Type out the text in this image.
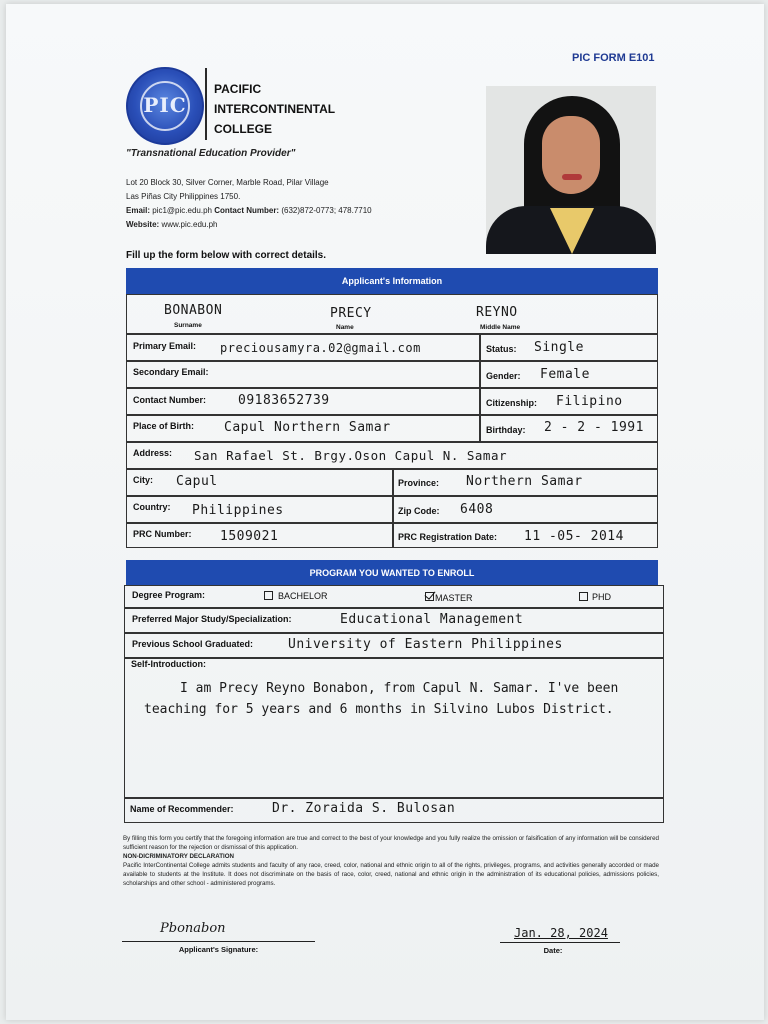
PIC FORM E101
PIC
PACIFIC
INTERCONTINENTAL
COLLEGE
"Transnational Education Provider"
Lot 20 Block 30, Silver Corner, Marble Road, Pilar Village
Las Piñas City Philippines 1750.
Email: pic1@pic.edu.ph Contact Number: (632)872-0773; 478.7710
Website: www.pic.edu.ph
Fill up the form below with correct details.
Applicant's Information
BONABON
Surname
PRECY
Name
REYNO
Middle Name
Primary Email: preciousamyra.02@gmail.com	Status: Single
Secondary Email:	Gender: Female
Contact Number: 09183652739	Citizenship: Filipino
Place of Birth: Capul Northern Samar	Birthday: 2 - 2 - 1991
Address: San Rafael St. Brgy.Oson Capul N. Samar
City: Capul	Province: Northern Samar
Country: Philippines	Zip Code: 6408
PRC Number: 1509021	PRC Registration Date: 11 -05- 2014
PROGRAM YOU WANTED TO ENROLL
Degree Program:	BACHELOR	MASTER	PHD
Preferred Major Study/Specialization:	Educational Management
Previous School Graduated:	University of Eastern Philippines
Self-Introduction:
I am Precy Reyno Bonabon, from Capul N. Samar. I've been teaching for 5 years and 6 months in Silvino Lubos District.
Name of Recommender:	Dr. Zoraida S. Bulosan

By filling this form you certify that the foregoing information are true and correct to the best of your knowledge and you fully realize the omission or falsification of any information will be considered sufficient reason for the rejection or dismissal of this application.

NON-DICRIMINATORY DECLARATION

Pacific InterContinental College admits students and faculty of any race, creed, color, national and ethnic origin to all of the rights, privileges, programs, and activities generally accorded or made available to students at the Institute. It does not discriminate on the basis of race, color, creed, national and ethnic origin in the administration of its educational policies, admissions policies, scholarships and other school - administered programs.

Pbonabon
Applicant's Signature:
Jan. 28, 2024
Date:
